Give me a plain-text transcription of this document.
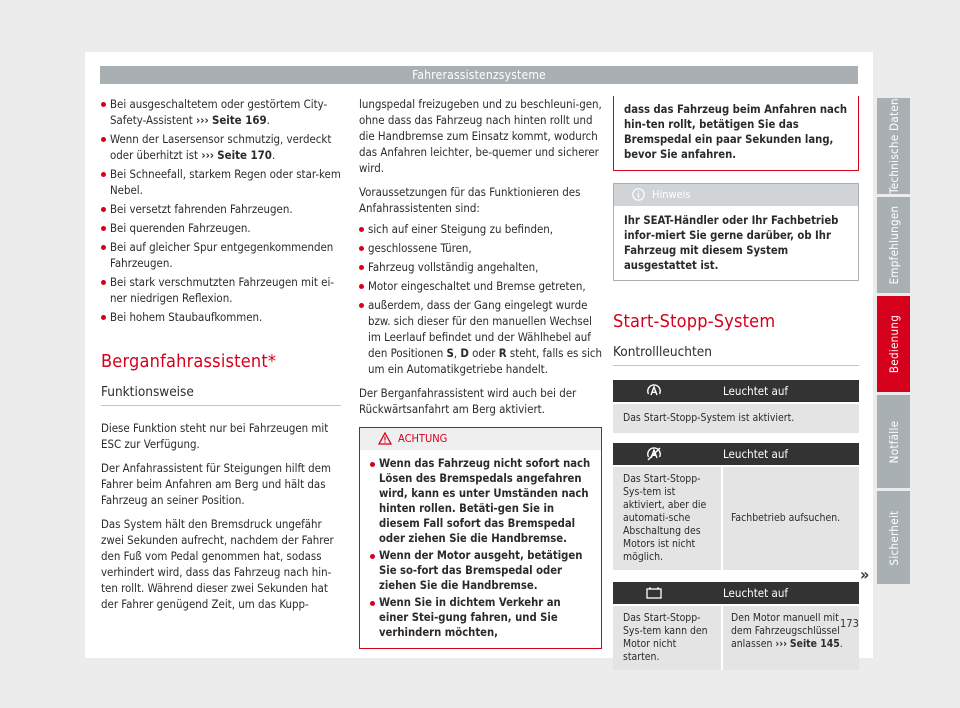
Fahrerassistenzsysteme
Bei ausgeschaltetem oder gestörtem City-Safety-Assistent ››› Seite 169.
Wenn der Lasersensor schmutzig, verdeckt oder überhitzt ist ››› Seite 170.
Bei Schneefall, starkem Regen oder star-kem Nebel.
Bei versetzt fahrenden Fahrzeugen.
Bei querenden Fahrzeugen.
Bei auf gleicher Spur entgegenkommenden Fahrzeugen.
Bei stark verschmutzten Fahrzeugen mit ei-ner niedrigen Reflexion.
Bei hohem Staubaufkommen.
Berganfahrassistent*
Funktionsweise

Diese Funktion steht nur bei Fahrzeugen mit ESC zur Verfügung.

Der Anfahrassistent für Steigungen hilft dem Fahrer beim Anfahren am Berg und hält das Fahrzeug an seiner Position.

Das System hält den Bremsdruck ungefähr zwei Sekunden aufrecht, nachdem der Fahrer den Fuß vom Pedal genommen hat, sodass verhindert wird, dass das Fahrzeug nach hin-ten rollt. Während dieser zwei Sekunden hat der Fahrer genügend Zeit, um das Kupp-

lungspedal freizugeben und zu beschleuni-gen, ohne dass das Fahrzeug nach hinten rollt und die Handbremse zum Einsatz kommt, wodurch das Anfahren leichter, be-quemer und sicherer wird.

Voraussetzungen für das Funktionieren des Anfahrassistenten sind:

sich auf einer Steigung zu befinden,
geschlossene Türen,
Fahrzeug vollständig angehalten,
Motor eingeschaltet und Bremse getreten,
außerdem, dass der Gang eingelegt wurde bzw. sich dieser für den manuellen Wechsel im Leerlauf befindet und der Wählhebel auf den Positionen S, D oder R steht, falls es sich um ein Automatikgetriebe handelt.

Der Berganfahrassistent wird auch bei der Rückwärtsanfahrt am Berg aktiviert.

ACHTUNG
Wenn das Fahrzeug nicht sofort nach Lösen des Bremspedals angefahren wird, kann es unter Umständen nach hinten rollen. Betäti-gen Sie in diesem Fall sofort das Bremspedal oder ziehen Sie die Handbremse.
Wenn der Motor ausgeht, betätigen Sie so-fort das Bremspedal oder ziehen Sie die Handbremse.
Wenn Sie in dichtem Verkehr an einer Stei-gung fahren, und Sie verhindern möchten,
dass das Fahrzeug beim Anfahren nach hin-ten rollt, betätigen Sie das Bremspedal ein paar Sekunden lang, bevor Sie anfahren.
Hinweis
Ihr SEAT-Händler oder Ihr Fachbetrieb infor-miert Sie gerne darüber, ob Ihr Fahrzeug mit diesem System ausgestattet ist.
Start-Stopp-System
Kontrollleuchten
Leuchtet auf
Das Start-Stopp-System ist aktiviert.
Leuchtet auf
Das Start-Stopp-Sys-tem ist aktiviert, aber die automati-sche Abschaltung des Motors ist nicht möglich.
Fachbetrieb aufsuchen.
Leuchtet auf
Das Start-Stopp-Sys-tem kann den Motor nicht starten.
Den Motor manuell mit dem Fahrzeugschlüssel anlassen ››› Seite 145.
»
173
Technische Daten
Empfehlungen
Bedienung
Notfälle
Sicherheit
